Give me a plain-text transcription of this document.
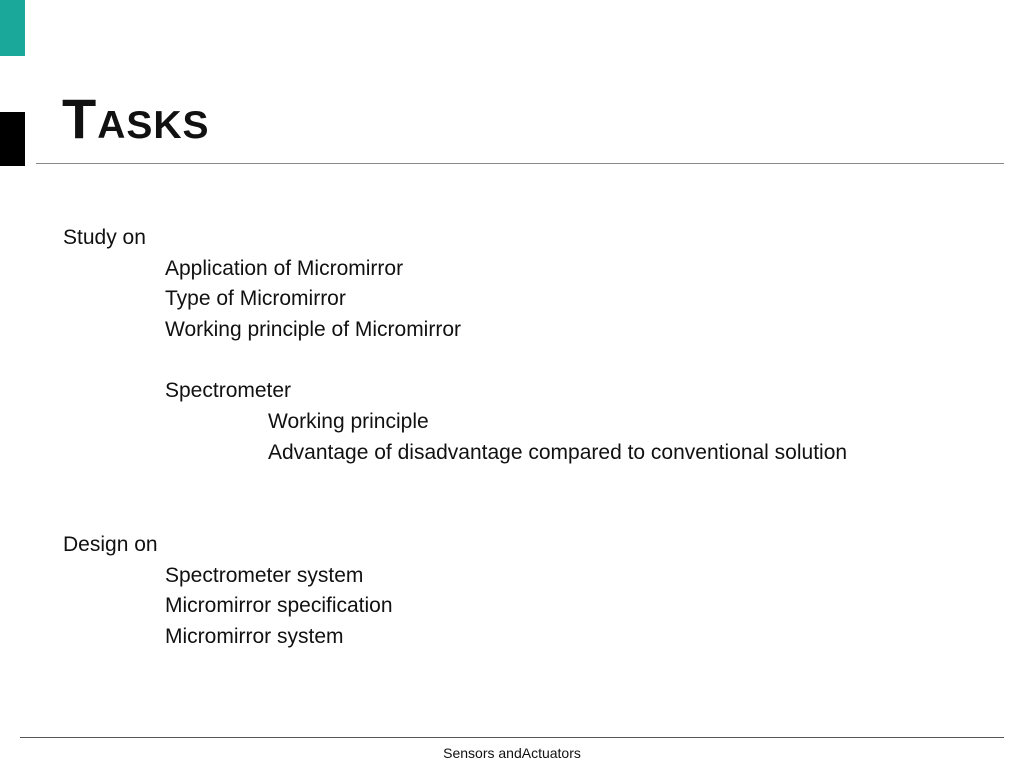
Tasks
Study on
Application of Micromirror
Type of Micromirror
Working principle of Micromirror
Spectrometer
Working principle
Advantage of disadvantage compared to conventional solution
Design on
Spectrometer system
Micromirror specification
Micromirror system
Sensors andActuators
